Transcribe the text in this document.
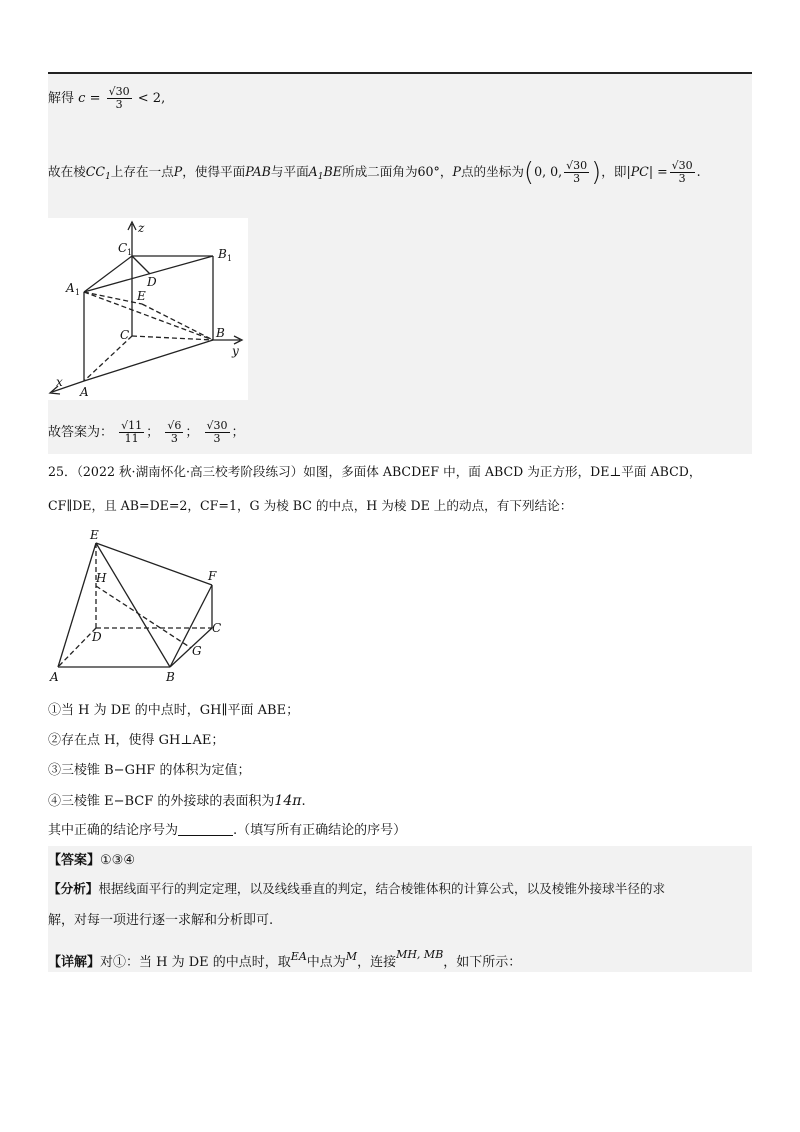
解得 $c = \frac{√30}{3} < 2$,
故在棱$CC_1$上存在一点P，使得平面PAB与平面$A_1BE$所成二面角为60°，P点的坐标为(0, 0, $\frac{√30}{3}$ )，即$|PC| = \frac{√30}{3}$ .
z
C 1	B 1
A 1
D
E
C	B
y
x
A
故答案为： $\frac{√11}{11}$ ； $\frac{√6}{3}$ ； $\frac{√30}{3}$ ；
25．（2022 秋·湖南怀化·高三校考阶段练习）如图，多面体 ABCDEF 中，面 ABCD 为正方形，DE⊥平面 ABCD，
CF∥DE，且 AB=DE=2，CF=1，G 为棱 BC 的中点，H 为棱 DE 上的动点，有下列结论：
E
H	F
D
C
G
A	B
①当 H 为 DE 的中点时，GH∥平面 ABE；
②存在点 H，使得 GH⊥AE；
③三棱锥 B−GHF 的体积为定值；
④三棱锥 E−BCF 的外接球的表面积为14π.
其中正确的结论序号为	.（填写所有正确结论的序号）
【答案】①③④
【分析】根据线面平行的判定定理，以及线线垂直的判定，结合棱锥体积的计算公式，以及棱锥外接球半径的求
解，对每一项进行逐一求解和分析即可.
【详解】对①：当 H 为 DE 的中点时，取$^{EA}$中点为$^M$，连接$^{MH, MB}$，如下所示：
